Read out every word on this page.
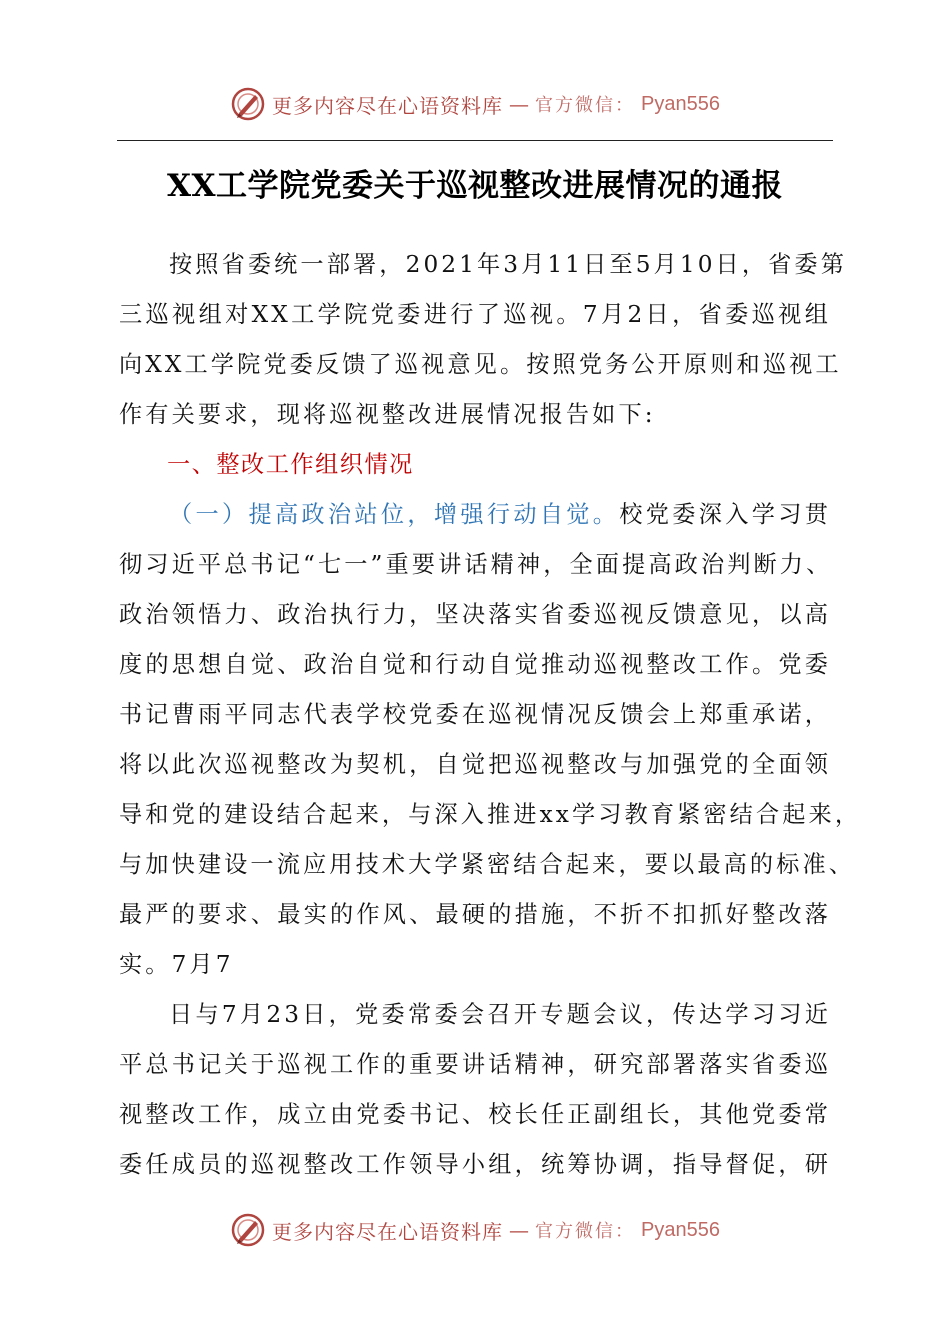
更多内容尽在心语资料库 — 官方微信： Pyan556
XX工学院党委关于巡视整改进展情况的通报
按照省委统一部署，2021年3月11日至5月10日，省委第
三巡视组对XX工学院党委进行了巡视。7月2日，省委巡视组
向XX工学院党委反馈了巡视意见。按照党务公开原则和巡视工
作有关要求，现将巡视整改进展情况报告如下:
一、整改工作组织情况
（一）提高政治站位，增强行动自觉。校党委深入学习贯
彻习近平总书记“七一”重要讲话精神，全面提高政治判断力、
政治领悟力、政治执行力，坚决落实省委巡视反馈意见，以高
度的思想自觉、政治自觉和行动自觉推动巡视整改工作。党委
书记曹雨平同志代表学校党委在巡视情况反馈会上郑重承诺，
将以此次巡视整改为契机，自觉把巡视整改与加强党的全面领
导和党的建设结合起来，与深入推进xx学习教育紧密结合起来，
与加快建设一流应用技术大学紧密结合起来，要以最高的标准、
最严的要求、最实的作风、最硬的措施，不折不扣抓好整改落
实。7月7
日与7月23日，党委常委会召开专题会议，传达学习习近
平总书记关于巡视工作的重要讲话精神，研究部署落实省委巡
视整改工作，成立由党委书记、校长任正副组长，其他党委常
委任成员的巡视整改工作领导小组，统筹协调，指导督促，研
更多内容尽在心语资料库 — 官方微信： Pyan556
